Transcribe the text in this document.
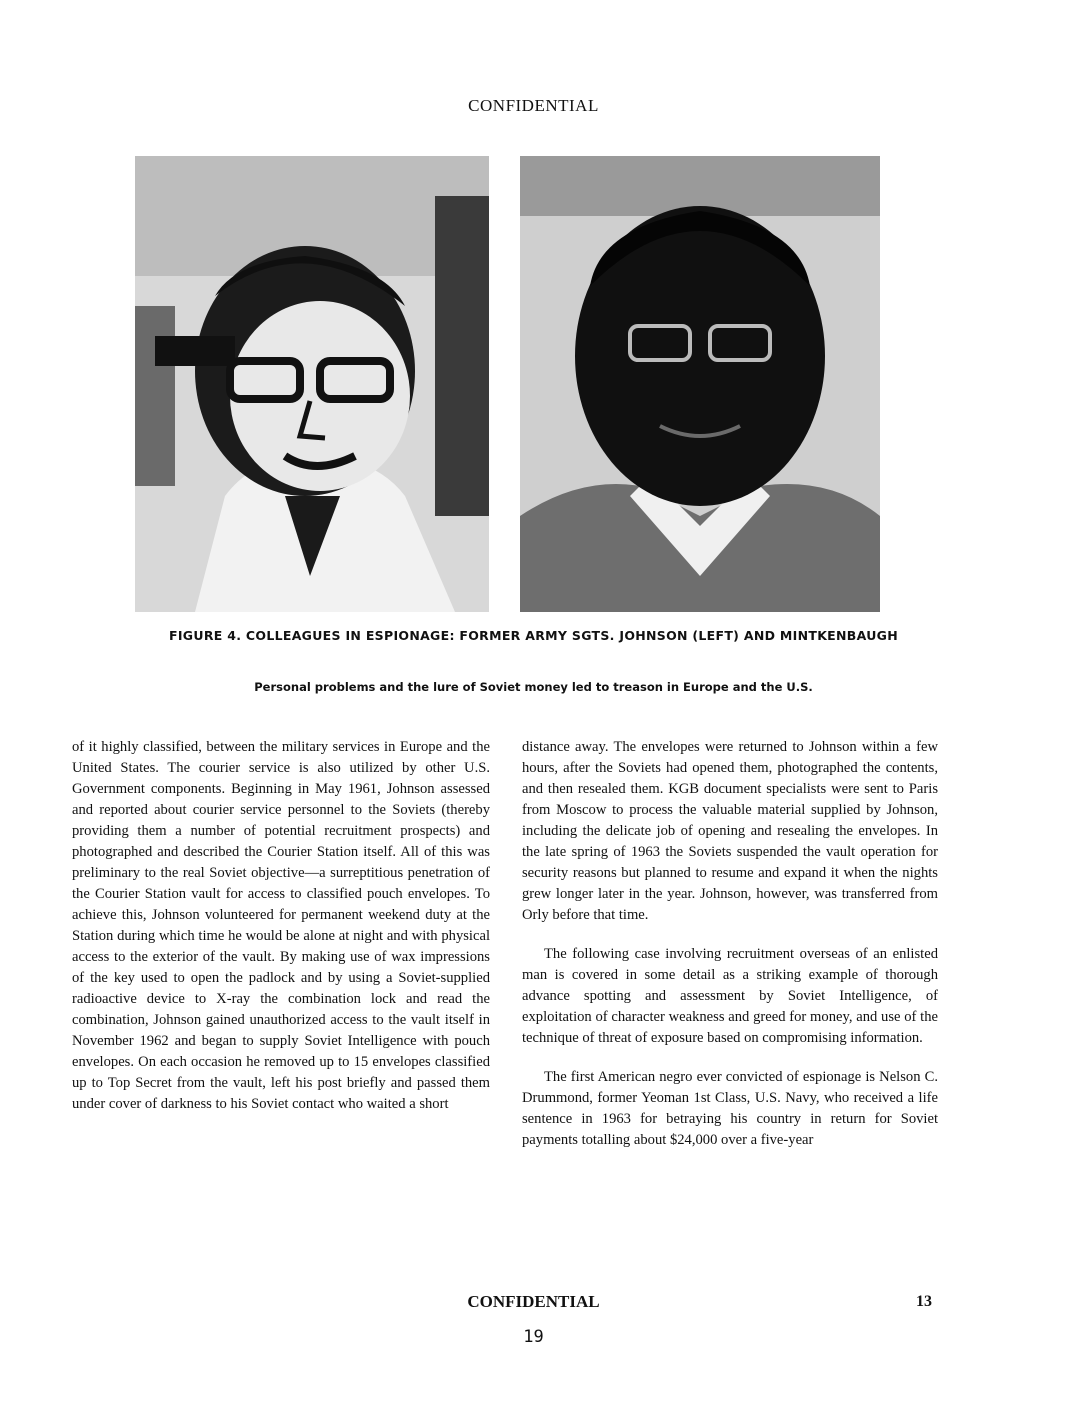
CONFIDENTIAL
FIGURE 4. COLLEAGUES IN ESPIONAGE: FORMER ARMY SGTS. JOHNSON (LEFT) AND MINTKENBAUGH
Personal problems and the lure of Soviet money led to treason in Europe and the U.S.

of it highly classified, between the military services in Europe and the United States. The courier service is also utilized by other U.S. Government components. Beginning in May 1961, Johnson assessed and reported about courier service personnel to the Soviets (thereby providing them a number of potential recruitment prospects) and photographed and described the Courier Station itself. All of this was preliminary to the real Soviet objective—a surreptitious penetration of the Courier Station vault for access to classified pouch envelopes. To achieve this, Johnson volunteered for permanent weekend duty at the Station during which time he would be alone at night and with physical access to the exterior of the vault. By making use of wax impressions of the key used to open the padlock and by using a Soviet-supplied radioactive device to X-ray the combination lock and read the combination, Johnson gained unauthorized access to the vault itself in November 1962 and began to supply Soviet Intelligence with pouch envelopes. On each occasion he removed up to 15 envelopes classified up to Top Secret from the vault, left his post briefly and passed them under cover of darkness to his Soviet contact who waited a short

distance away. The envelopes were returned to Johnson within a few hours, after the Soviets had opened them, photographed the contents, and then resealed them. KGB document specialists were sent to Paris from Moscow to process the valuable material supplied by Johnson, including the delicate job of opening and resealing the envelopes. In the late spring of 1963 the Soviets suspended the vault operation for security reasons but planned to resume and expand it when the nights grew longer later in the year. Johnson, however, was transferred from Orly before that time.

The following case involving recruitment overseas of an enlisted man is covered in some detail as a striking example of thorough advance spotting and assessment by Soviet Intelligence, of exploitation of character weakness and greed for money, and use of the technique of threat of exposure based on compromising information.

The first American negro ever convicted of espionage is Nelson C. Drummond, former Yeoman 1st Class, U.S. Navy, who received a life sentence in 1963 for betraying his country in return for Soviet payments totalling about $24,000 over a five-year

CONFIDENTIAL	13
19
